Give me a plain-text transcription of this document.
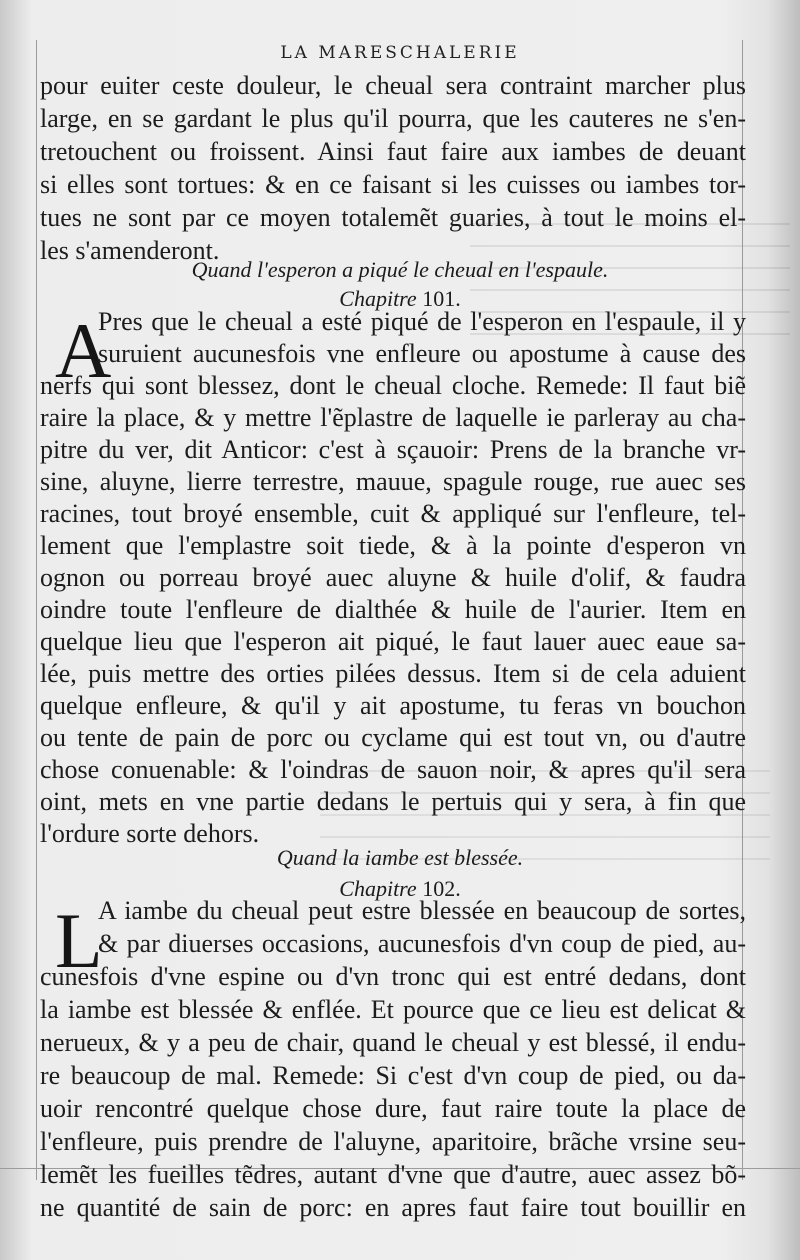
LA MARESCHALERIE
pour euiter ceste douleur, le cheual sera contraint marcher plus
large, en se gardant le plus qu'il pourra, que les cauteres ne s'en-
tretouchent ou froissent. Ainsi faut faire aux iambes de deuant
si elles sont tortues: & en ce faisant si les cuisses ou iambes tor-
tues ne sont par ce moyen totalemẽt guaries, à tout le moins el-
les s'amenderont.
Quand l'esperon a piqué le cheual en l'espaule.
Chapitre 101.
A
Pres que le cheual a esté piqué de l'esperon en l'espaule, il y
suruient aucunesfois vne enfleure ou apostume à cause des
nerfs qui sont blessez, dont le cheual cloche. Remede: Il faut biẽ
raire la place, & y mettre l'ẽplastre de laquelle ie parleray au cha-
pitre du ver, dit Anticor: c'est à sçauoir: Prens de la branche vr-
sine, aluyne, lierre terrestre, mauue, spagule rouge, rue auec ses
racines, tout broyé ensemble, cuit & appliqué sur l'enfleure, tel-
lement que l'emplastre soit tiede, & à la pointe d'esperon vn
ognon ou porreau broyé auec aluyne & huile d'olif, & faudra
oindre toute l'enfleure de dialthée & huile de l'aurier. Item en
quelque lieu que l'esperon ait piqué, le faut lauer auec eaue sa-
lée, puis mettre des orties pilées dessus. Item si de cela aduient
quelque enfleure, & qu'il y ait apostume, tu feras vn bouchon
ou tente de pain de porc ou cyclame qui est tout vn, ou d'autre
chose conuenable: & l'oindras de sauon noir, & apres qu'il sera
oint, mets en vne partie dedans le pertuis qui y sera, à fin que
l'ordure sorte dehors.
Quand la iambe est blessée.
Chapitre 102.
L
A iambe du cheual peut estre blessée en beaucoup de sortes,
& par diuerses occasions, aucunesfois d'vn coup de pied, au-
cunesfois d'vne espine ou d'vn tronc qui est entré dedans, dont
la iambe est blessée & enflée. Et pource que ce lieu est delicat &
nerueux, & y a peu de chair, quand le cheual y est blessé, il endu-
re beaucoup de mal. Remede: Si c'est d'vn coup de pied, ou da-
uoir rencontré quelque chose dure, faut raire toute la place de
l'enfleure, puis prendre de l'aluyne, aparitoire, brãche vrsine seu-
lemẽt les fueilles tẽdres, autant d'vne que d'autre, auec assez bõ-
ne quantité de sain de porc: en apres faut faire tout bouillir en
